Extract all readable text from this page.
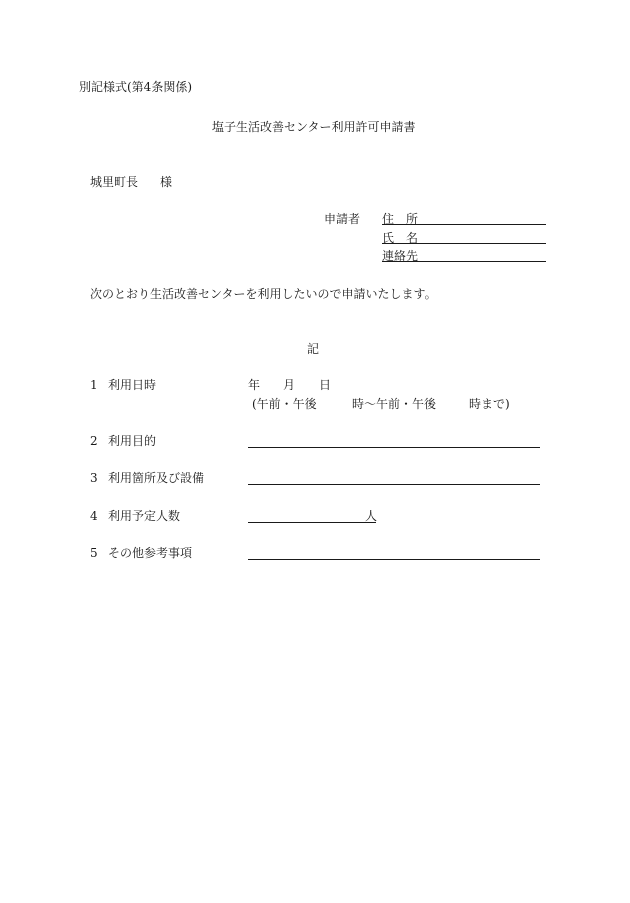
別記様式(第4条関係)
塩子生活改善センター利用許可申請書
城里町長 様
申請者 住　所
氏　名
連絡先
次のとおり生活改善センターを利用したいので申請いたします。
記
1 利用日時	年 月 日
(午前・午後	時〜午前・午後	時まで)
2 利用目的
3 利用箇所及び設備
4 利用予定人数	人
5 その他参考事項
